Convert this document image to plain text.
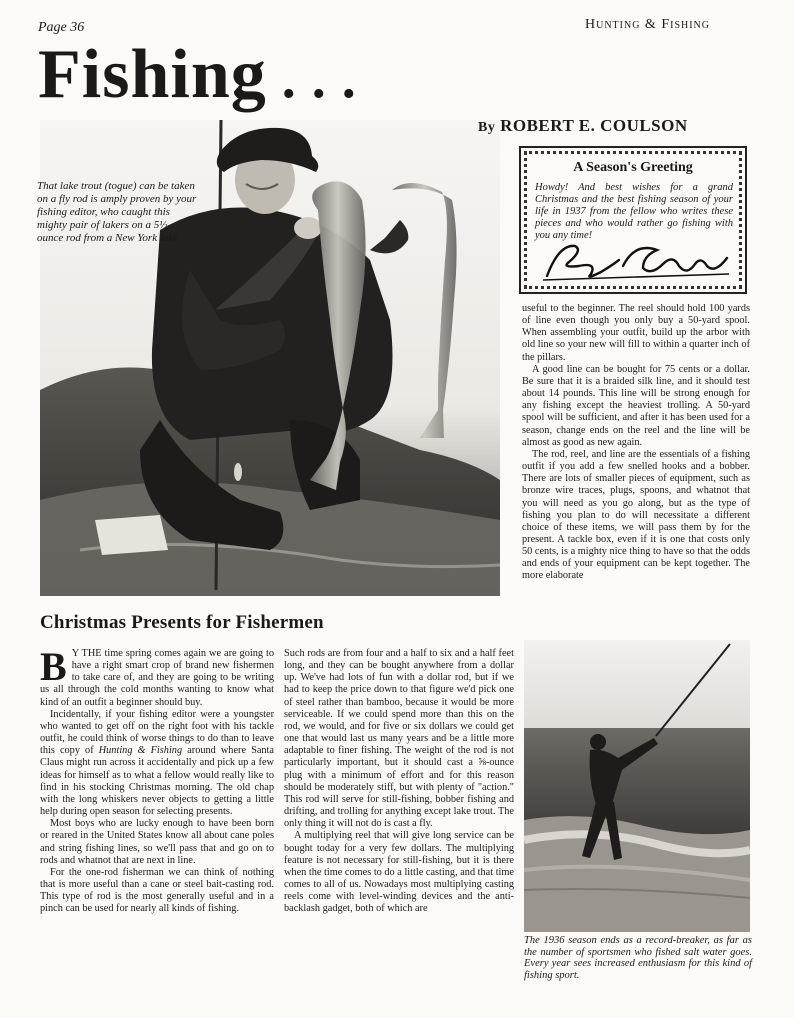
Page 36	Hunting & Fishing
Fishing . . .
That lake trout (togue) can be taken on a fly rod is amply proven by your fishing editor, who caught this mighty pair of lakers on a 5½-ounce rod from a New York lake
By ROBERT E. COULSON
A Season's Greeting
Howdy! And best wishes for a grand Christmas and the best fishing season of your life in 1937 from the fellow who writes these pieces and who would rather go fishing with you any time!

useful to the beginner. The reel should hold 100 yards of line even though you only buy a 50-yard spool. When assembling your outfit, build up the arbor with old line so your new will fill to within a quarter inch of the pillars.

A good line can be bought for 75 cents or a dollar. Be sure that it is a braided silk line, and it should test about 14 pounds. This line will be strong enough for any fishing except the heaviest trolling. A 50-yard spool will be sufficient, and after it has been used for a season, change ends on the reel and the line will be almost as good as new again.

The rod, reel, and line are the essentials of a fishing outfit if you add a few snelled hooks and a bobber. There are lots of smaller pieces of equipment, such as bronze wire traces, plugs, spoons, and whatnot that you will need as you go along, but as the type of fishing you plan to do will necessitate a different choice of these items, we will pass them by for the present. A tackle box, even if it is one that costs only 50 cents, is a mighty nice thing to have so that the odds and ends of your equipment can be kept together. The more elaborate

Christmas Presents for Fishermen

B Y THE time spring comes again we are going to have a right smart crop of brand new fishermen to take care of, and they are going to be writing us all through the cold months wanting to know what kind of an outfit a beginner should buy.

Incidentally, if your fishing editor were a youngster who wanted to get off on the right foot with his tackle outfit, he could think of worse things to do than to leave this copy of Hunting & Fishing around where Santa Claus might run across it accidentally and pick up a few ideas for himself as to what a fellow would really like to find in his stocking Christmas morning. The old chap with the long whiskers never objects to getting a little help during open season for selecting presents.

Most boys who are lucky enough to have been born or reared in the United States know all about cane poles and string fishing lines, so we'll pass that and go on to rods and whatnot that are next in line.

For the one-rod fisherman we can think of nothing that is more useful than a cane or steel bait-casting rod. This type of rod is the most generally useful and in a pinch can be used for nearly all kinds of fishing.

Such rods are from four and a half to six and a half feet long, and they can be bought anywhere from a dollar up. We've had lots of fun with a dollar rod, but if we had to keep the price down to that figure we'd pick one of steel rather than bamboo, because it would be more serviceable. If we could spend more than this on the rod, we would, and for five or six dollars we could get one that would last us many years and be a little more adaptable to finer fishing. The weight of the rod is not particularly important, but it should cast a ⅝-ounce plug with a minimum of effort and for this reason should be moderately stiff, but with plenty of "action." This rod will serve for still-fishing, bobber fishing and drifting, and trolling for anything except lake trout. The only thing it will not do is cast a fly.

A multiplying reel that will give long service can be bought today for a very few dollars. The multiplying feature is not necessary for still-fishing, but it is there when the time comes to do a little casting, and that time comes to all of us. Nowadays most multiplying casting reels come with level-winding devices and the anti-backlash gadget, both of which are

The 1936 season ends as a record-breaker, as far as the number of sportsmen who fished salt water goes. Every year sees increased enthusiasm for this kind of fishing sport.
